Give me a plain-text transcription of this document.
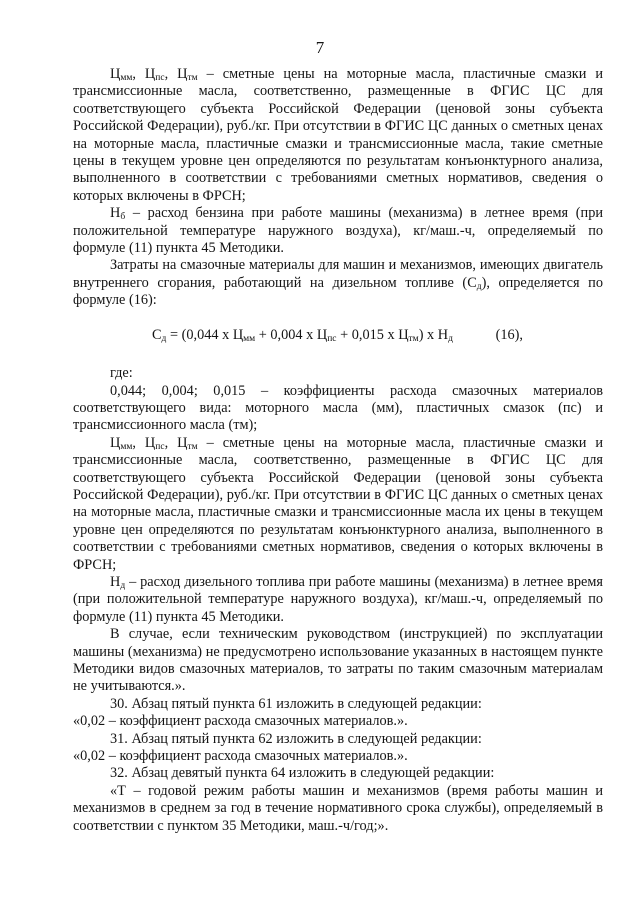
7

$Ц_{мм}$, $Ц_{пс}$, $Ц_{тм}$ – сметные цены на моторные масла, пластичные смазки и трансмиссионные масла, соответственно, размещенные в ФГИС ЦС для соответствующего субъекта Российской Федерации (ценовой зоны субъекта Российской Федерации), руб./кг. При отсутствии в ФГИС ЦС данных о сметных ценах на моторные масла, пластичные смазки и трансмиссионные масла, такие сметные цены в текущем уровне цен определяются по результатам конъюнктурного анализа, выполненного в соответствии с требованиями сметных нормативов, сведения о которых включены в ФРСН;

$Н_б$ – расход бензина при работе машины (механизма) в летнее время (при положительной температуре наружного воздуха), кг/маш.-ч, определяемый по формуле (11) пункта 45 Методики.

Затраты на смазочные материалы для машин и механизмов, имеющих двигатель внутреннего сгорания, работающий на дизельном топливе $(С_д)$, определяется по формуле (16):

$С_д = (0,044$ x $Ц_{мм} + 0,004$ x $Ц_{пс} + 0,015$ x $Ц_{тм}$) x $Н_д$	(16),

где:

0,044; 0,004; 0,015 – коэффициенты расхода смазочных материалов соответствующего вида: моторного масла (мм), пластичных смазок (пс) и трансмиссионного масла (тм);

$Ц_{мм}$, $Ц_{пс}$, $Ц_{тм}$ – сметные цены на моторные масла, пластичные смазки и трансмиссионные масла, соответственно, размещенные в ФГИС ЦС для соответствующего субъекта Российской Федерации (ценовой зоны субъекта Российской Федерации), руб./кг. При отсутствии в ФГИС ЦС данных о сметных ценах на моторные масла, пластичные смазки и трансмиссионные масла их цены в текущем уровне цен определяются по результатам конъюнктурного анализа, выполненного в соответствии с требованиями сметных нормативов, сведения о которых включены в ФРСН;

$Н_д$ – расход дизельного топлива при работе машины (механизма) в летнее время (при положительной температуре наружного воздуха), кг/маш.-ч, определяемый по формуле (11) пункта 45 Методики.

В случае, если техническим руководством (инструкцией) по эксплуатации машины (механизма) не предусмотрено использование указанных в настоящем пункте Методики видов смазочных материалов, то затраты по таким смазочным материалам не учитываются.».

30. Абзац пятый пункта 61 изложить в следующей редакции:

«0,02 – коэффициент расхода смазочных материалов.».

31. Абзац пятый пункта 62 изложить в следующей редакции:

«0,02 – коэффициент расхода смазочных материалов.».

32. Абзац девятый пункта 64 изложить в следующей редакции:

«Т – годовой режим работы машин и механизмов (время работы машин и механизмов в среднем за год в течение нормативного срока службы), определяемый в соответствии с пунктом 35 Методики, маш.-ч/год;».
